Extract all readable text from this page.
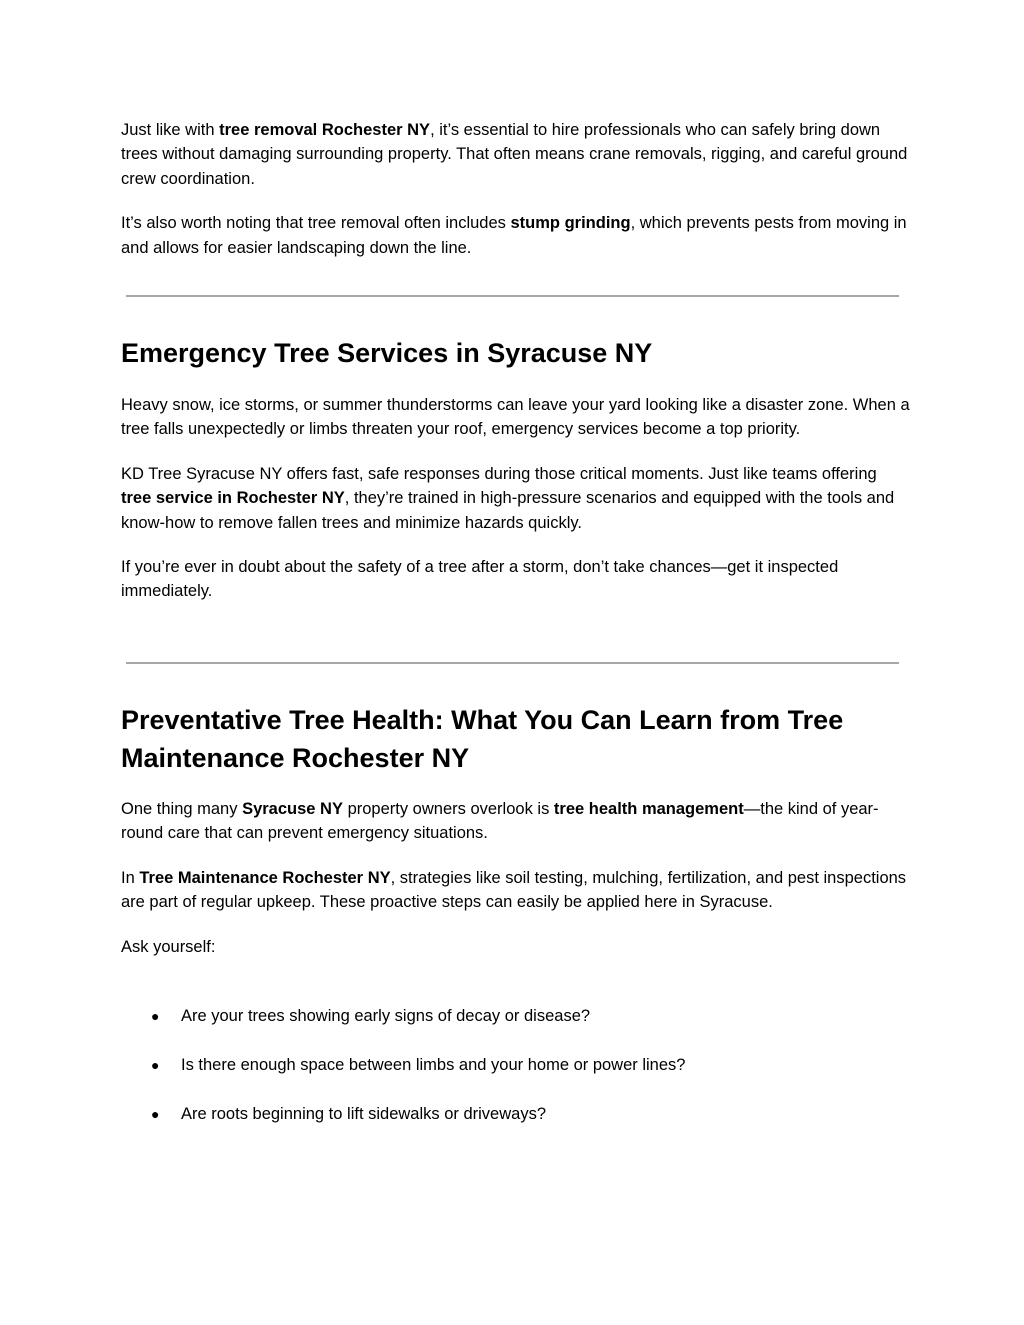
Just like with tree removal Rochester NY, it’s essential to hire professionals who can safely bring down trees without damaging surrounding property. That often means crane removals, rigging, and careful ground crew coordination.

It’s also worth noting that tree removal often includes stump grinding, which prevents pests from moving in and allows for easier landscaping down the line.

Emergency Tree Services in Syracuse NY

Heavy snow, ice storms, or summer thunderstorms can leave your yard looking like a disaster zone. When a tree falls unexpectedly or limbs threaten your roof, emergency services become a top priority.

KD Tree Syracuse NY offers fast, safe responses during those critical moments. Just like teams offering tree service in Rochester NY, they’re trained in high-pressure scenarios and equipped with the tools and know-how to remove fallen trees and minimize hazards quickly.

If you’re ever in doubt about the safety of a tree after a storm, don’t take chances—get it inspected immediately.

Preventative Tree Health: What You Can Learn from Tree
Maintenance Rochester NY

One thing many Syracuse NY property owners overlook is tree health management—the kind of year-round care that can prevent emergency situations.

In Tree Maintenance Rochester NY, strategies like soil testing, mulching, fertilization, and pest inspections are part of regular upkeep. These proactive steps can easily be applied here in Syracuse.

Ask yourself:

● Are your trees showing early signs of decay or disease?
● Is there enough space between limbs and your home or power lines?
● Are roots beginning to lift sidewalks or driveways?
